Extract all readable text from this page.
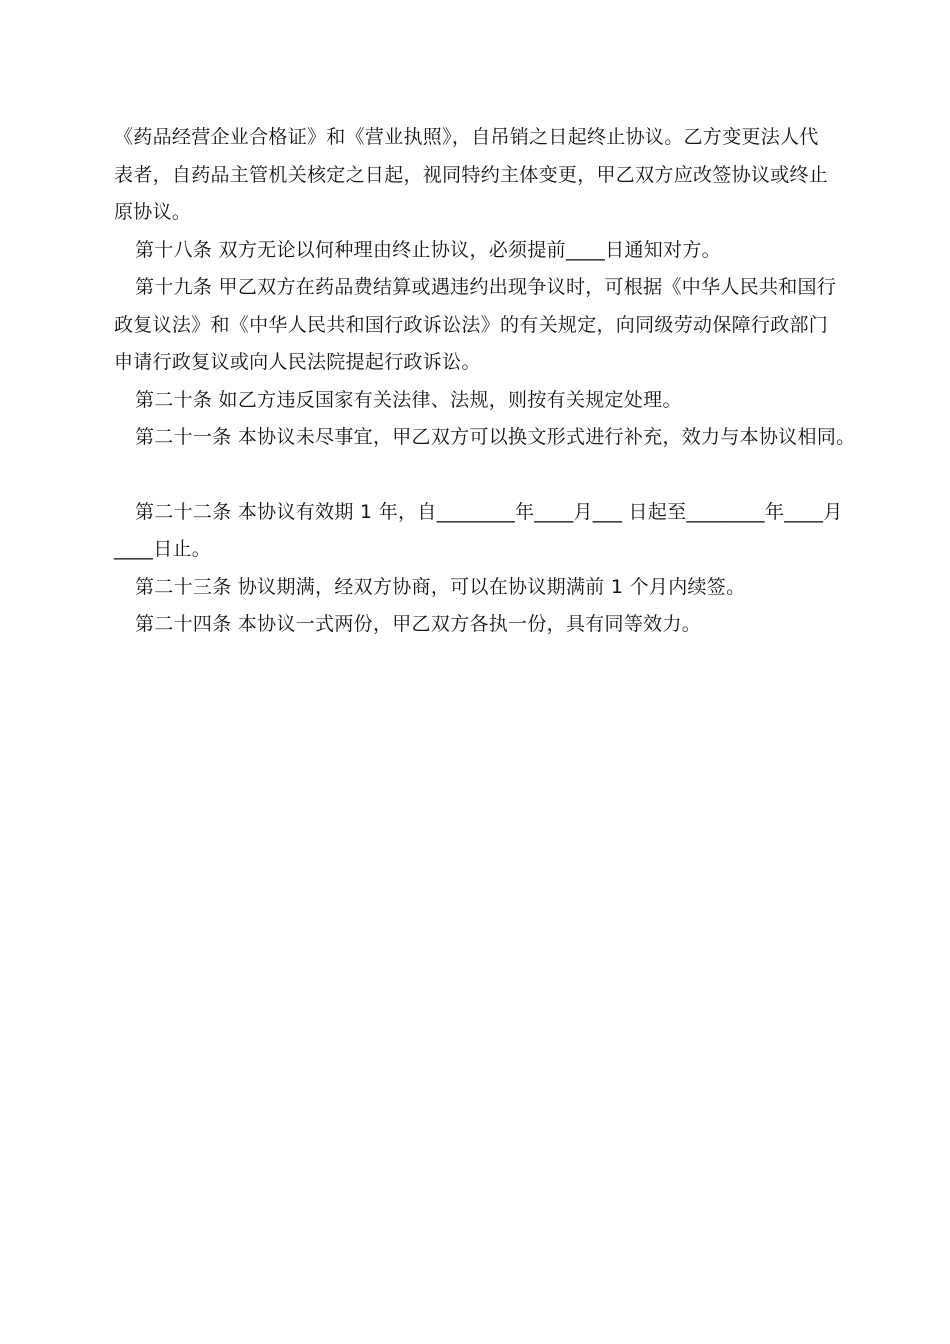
《药品经营企业合格证》和《营业执照》，自吊销之日起终止协议。乙方变更法人代
表者，自药品主管机关核定之日起，视同特约主体变更，甲乙双方应改签协议或终止
原协议。
第十八条 双方无论以何种理由终止协议，必须提前____日通知对方。
第十九条 甲乙双方在药品费结算或遇违约出现争议时，可根据《中华人民共和国行
政复议法》和《中华人民共和国行政诉讼法》的有关规定，向同级劳动保障行政部门
申请行政复议或向人民法院提起行政诉讼。
第二十条 如乙方违反国家有关法律、法规，则按有关规定处理。
第二十一条 本协议未尽事宜，甲乙双方可以换文形式进行补充，效力与本协议相同。
第二十二条 本协议有效期 1 年，自________年____月___ 日起至________年____月
____日止。
第二十三条 协议期满，经双方协商，可以在协议期满前 1 个月内续签。
第二十四条 本协议一式两份，甲乙双方各执一份，具有同等效力。
